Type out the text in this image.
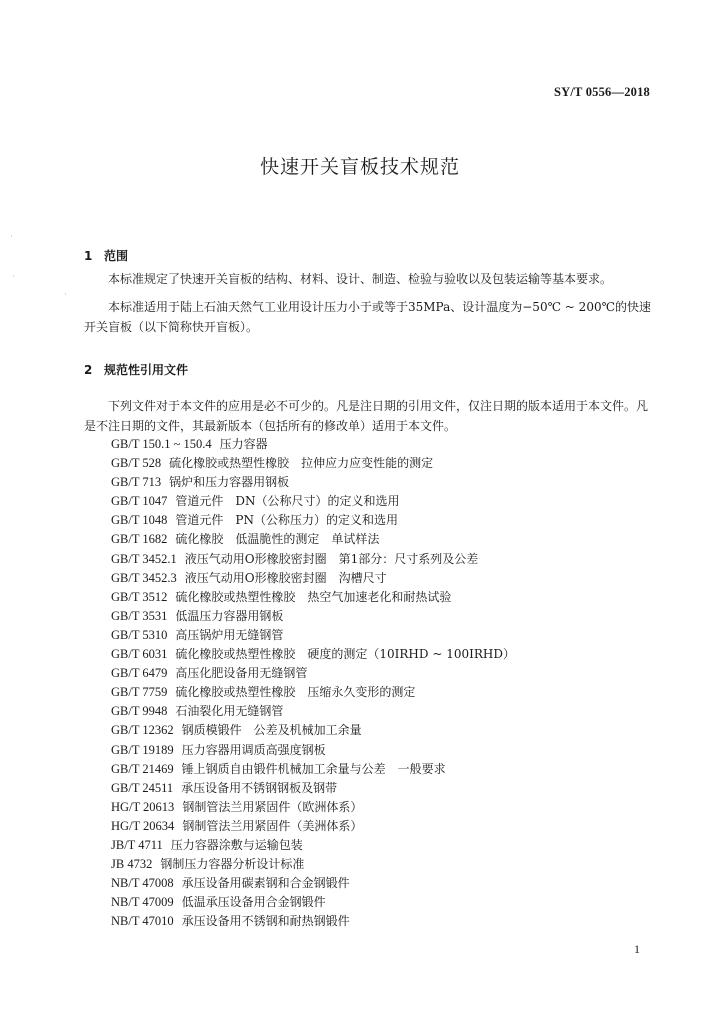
SY/T 0556—2018
快速开关盲板技术规范
1 范围
本标准规定了快速开关盲板的结构、材料、设计、制造、检验与验收以及包装运输等基本要求。
本标准适用于陆上石油天然气工业用设计压力小于或等于35MPa、设计温度为−50℃ ~ 200℃的快速开关盲板（以下简称快开盲板）。
2 规范性引用文件
下列文件对于本文件的应用是必不可少的。凡是注日期的引用文件，仅注日期的版本适用于本文件。凡是不注日期的文件，其最新版本（包括所有的修改单）适用于本文件。
GB/T 150.1 ~ 150.4 压力容器
GB/T 528 硫化橡胶或热塑性橡胶　拉伸应力应变性能的测定
GB/T 713 锅炉和压力容器用钢板
GB/T 1047 管道元件　DN（公称尺寸）的定义和选用
GB/T 1048 管道元件　PN（公称压力）的定义和选用
GB/T 1682 硫化橡胶　低温脆性的测定　单试样法
GB/T 3452.1 液压气动用O形橡胶密封圈　第1部分：尺寸系列及公差
GB/T 3452.3 液压气动用O形橡胶密封圈　沟槽尺寸
GB/T 3512 硫化橡胶或热塑性橡胶　热空气加速老化和耐热试验
GB/T 3531 低温压力容器用钢板
GB/T 5310 高压锅炉用无缝钢管
GB/T 6031 硫化橡胶或热塑性橡胶　硬度的测定（10IRHD ~ 100IRHD）
GB/T 6479 高压化肥设备用无缝钢管
GB/T 7759 硫化橡胶或热塑性橡胶　压缩永久变形的测定
GB/T 9948 石油裂化用无缝钢管
GB/T 12362 钢质模锻件　公差及机械加工余量
GB/T 19189 压力容器用调质高强度钢板
GB/T 21469 锤上钢质自由锻件机械加工余量与公差　一般要求
GB/T 24511 承压设备用不锈钢钢板及钢带
HG/T 20613 钢制管法兰用紧固件（欧洲体系）
HG/T 20634 钢制管法兰用紧固件（美洲体系）
JB/T 4711 压力容器涂敷与运输包装
JB 4732 钢制压力容器分析设计标准
NB/T 47008 承压设备用碳素钢和合金钢锻件
NB/T 47009 低温承压设备用合金钢锻件
NB/T 47010 承压设备用不锈钢和耐热钢锻件
1
·
·
·
